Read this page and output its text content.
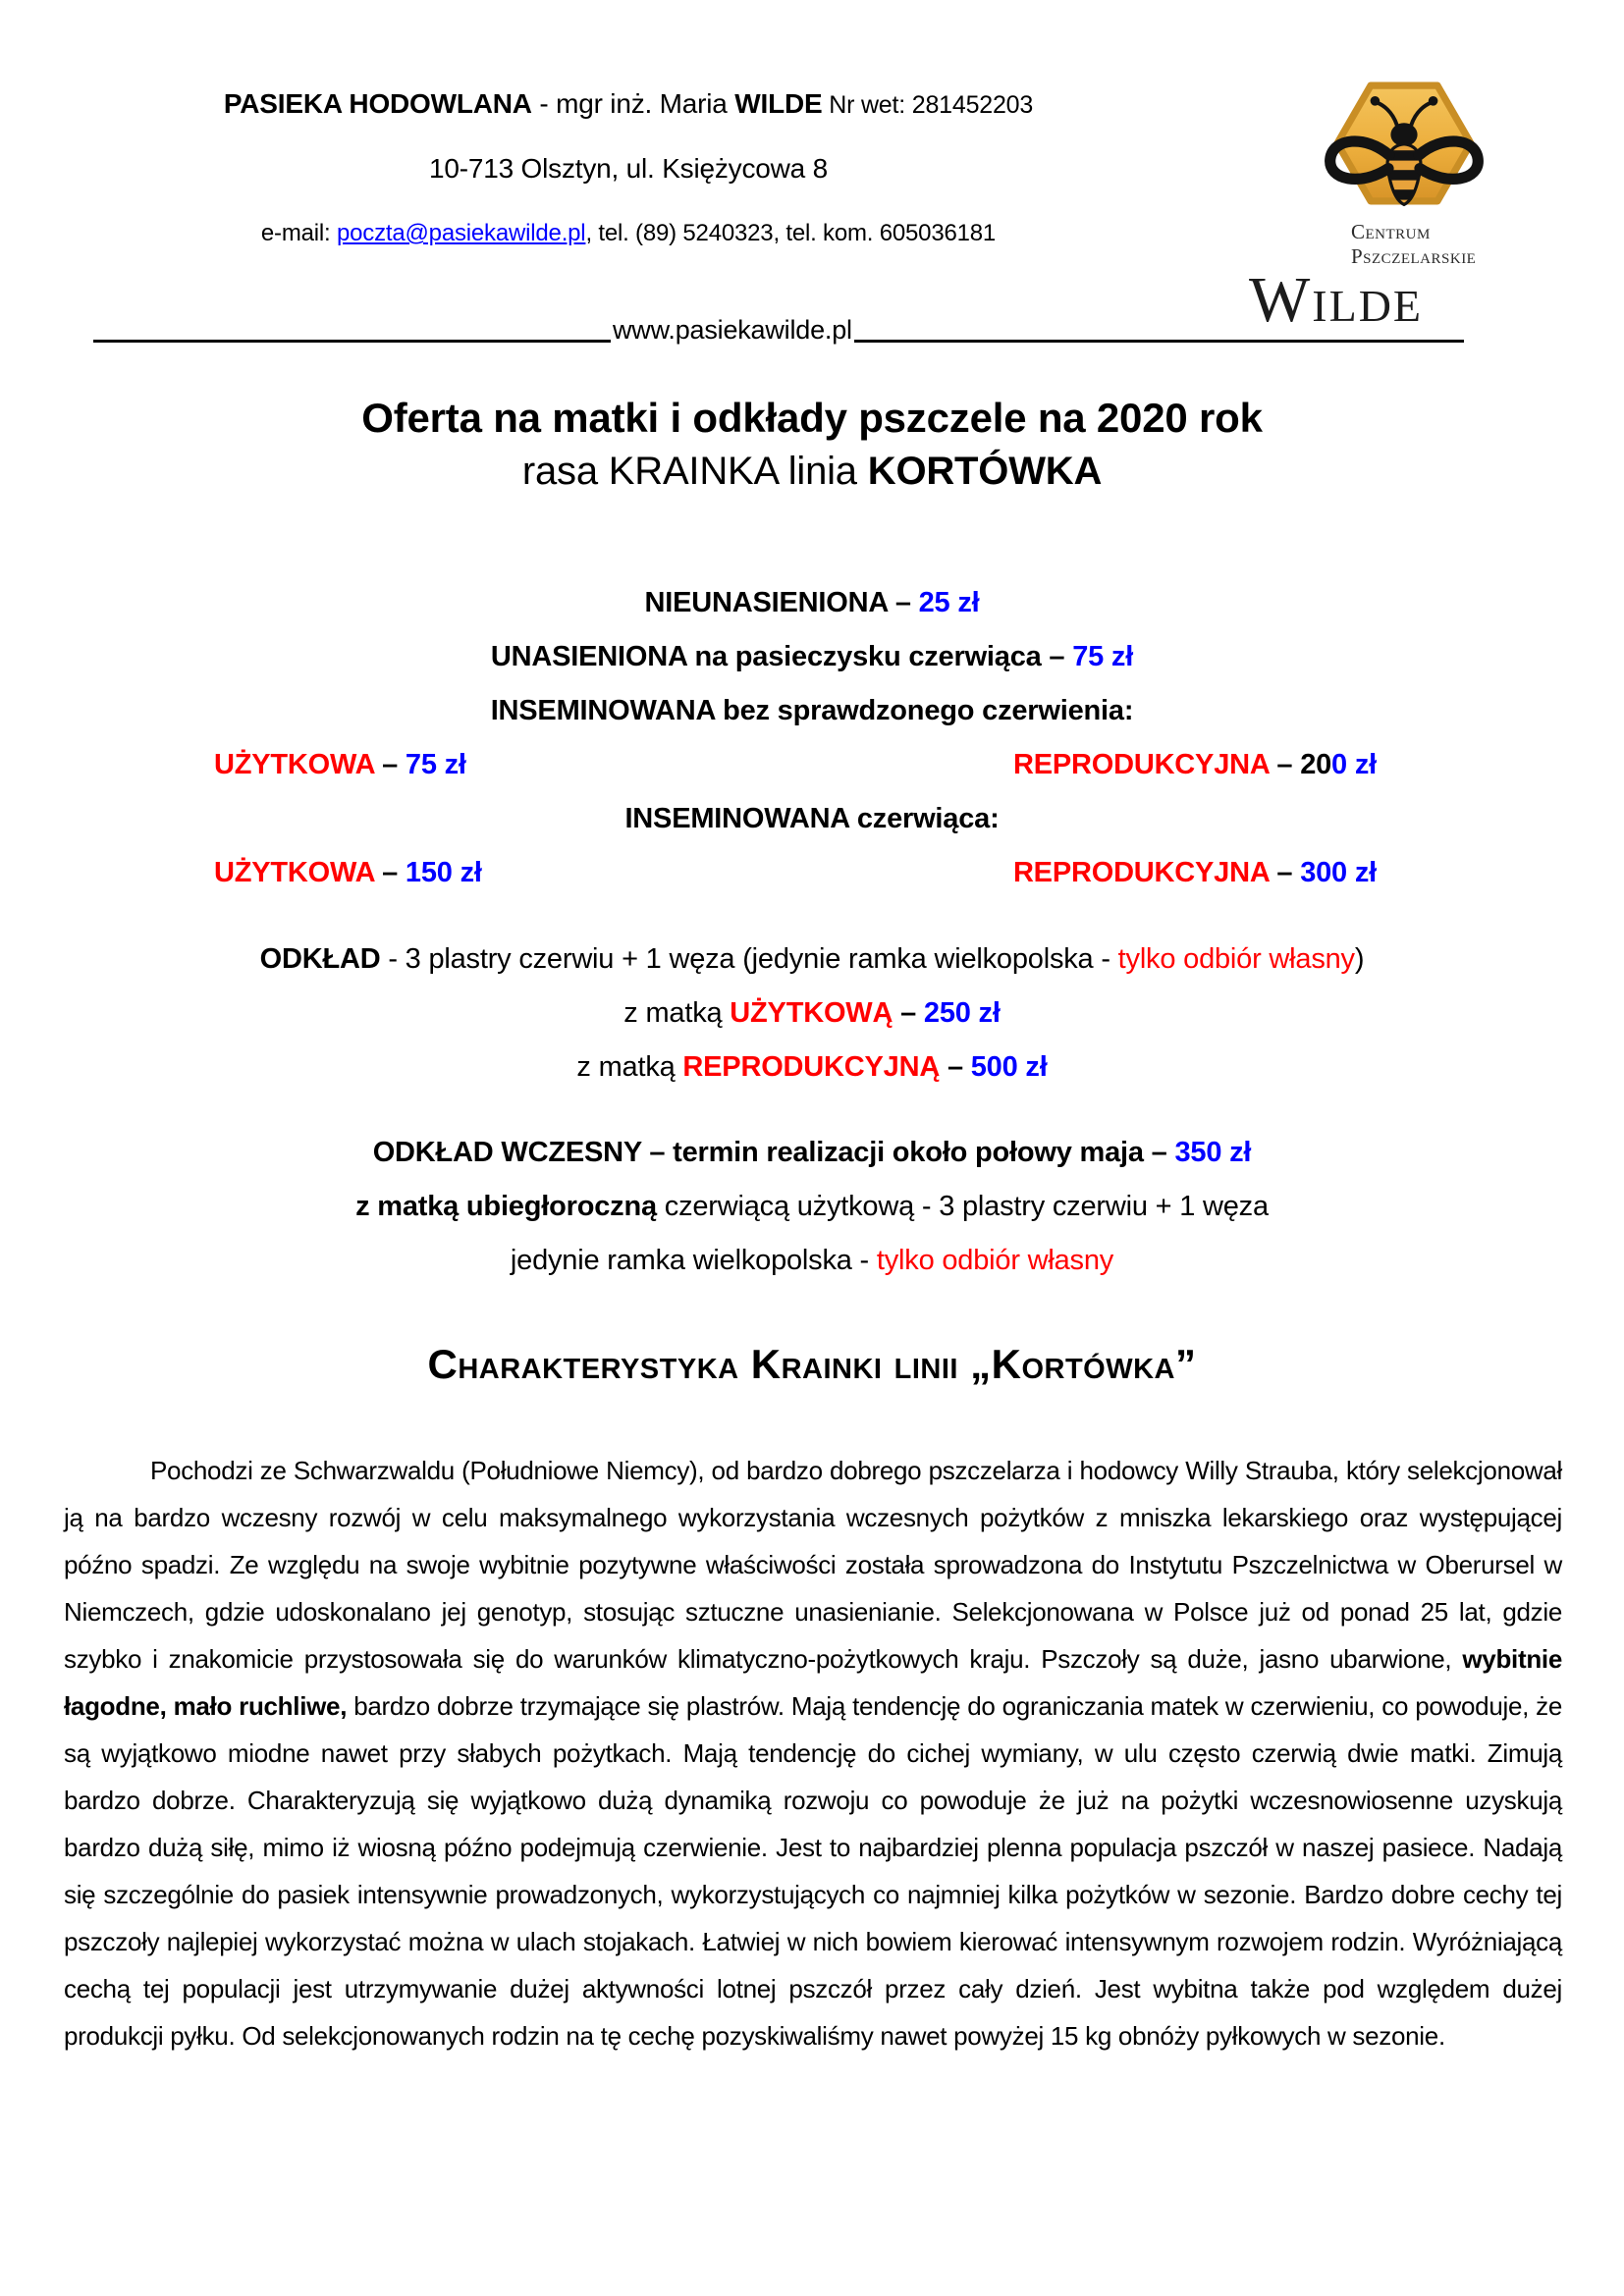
PASIEKA HODOWLANA - mgr inż. Maria WILDE Nr wet: 281452203
10-713 Olsztyn, ul. Księżycowa 8
e-mail: poczta@pasiekawilde.pl, tel. (89) 5240323, tel. kom. 605036181	Centrum
Pszczelarskie
Wilde
www.pasiekawilde.pl
Oferta na matki i odkłady pszczele na 2020 rok
rasa KRAINKA linia KORTÓWKA
NIEUNASIENIONA – 25 zł
UNASIENIONA na pasieczysku czerwiąca – 75 zł
INSEMINOWANA bez sprawdzonego czerwienia:
UŻYTKOWA – 75 zł	REPRODUKCYJNA – 200 zł
INSEMINOWANA czerwiąca:
UŻYTKOWA – 150 zł	REPRODUKCYJNA – 300 zł
ODKŁAD - 3 plastry czerwiu + 1 węza (jedynie ramka wielkopolska - tylko odbiór własny)
z matką UŻYTKOWĄ – 250 zł
z matką REPRODUKCYJNĄ – 500 zł
ODKŁAD WCZESNY – termin realizacji około połowy maja – 350 zł
z matką ubiegłoroczną czerwiącą użytkową - 3 plastry czerwiu + 1 węza
jedynie ramka wielkopolska - tylko odbiór własny
Charakterystyka Krainki linii „Kortówka”
Pochodzi ze Schwarzwaldu (Południowe Niemcy), od bardzo dobrego pszczelarza i hodowcy Willy Strauba, który selekcjonował ją na bardzo wczesny rozwój w celu maksymalnego wykorzystania wczesnych pożytków z mniszka lekarskiego oraz występującej późno spadzi. Ze względu na swoje wybitnie pozytywne właściwości została sprowadzona do Instytutu Pszczelnictwa w Oberursel w Niemczech, gdzie udoskonalano jej genotyp, stosując sztuczne unasienianie. Selekcjonowana w Polsce już od ponad 25 lat, gdzie szybko i znakomicie przystosowała się do warunków klimatyczno-pożytkowych kraju. Pszczoły są duże, jasno ubarwione, wybitnie łagodne, mało ruchliwe, bardzo dobrze trzymające się plastrów. Mają tendencję do ograniczania matek w czerwieniu, co powoduje, że są wyjątkowo miodne nawet przy słabych pożytkach. Mają tendencję do cichej wymiany, w ulu często czerwią dwie matki. Zimują bardzo dobrze. Charakteryzują się wyjątkowo dużą dynamiką rozwoju co powoduje że już na pożytki wczesnowiosenne uzyskują bardzo dużą siłę, mimo iż wiosną późno podejmują czerwienie. Jest to najbardziej plenna populacja pszczół w naszej pasiece. Nadają się szczególnie do pasiek intensywnie prowadzonych, wykorzystujących co najmniej kilka pożytków w sezonie. Bardzo dobre cechy tej pszczoły najlepiej wykorzystać można w ulach stojakach. Łatwiej w nich bowiem kierować intensywnym rozwojem rodzin. Wyróżniającą cechą tej populacji jest utrzymywanie dużej aktywności lotnej pszczół przez cały dzień. Jest wybitna także pod względem dużej produkcji pyłku. Od selekcjonowanych rodzin na tę cechę pozyskiwaliśmy nawet powyżej 15 kg obnóży pyłkowych w sezonie.
